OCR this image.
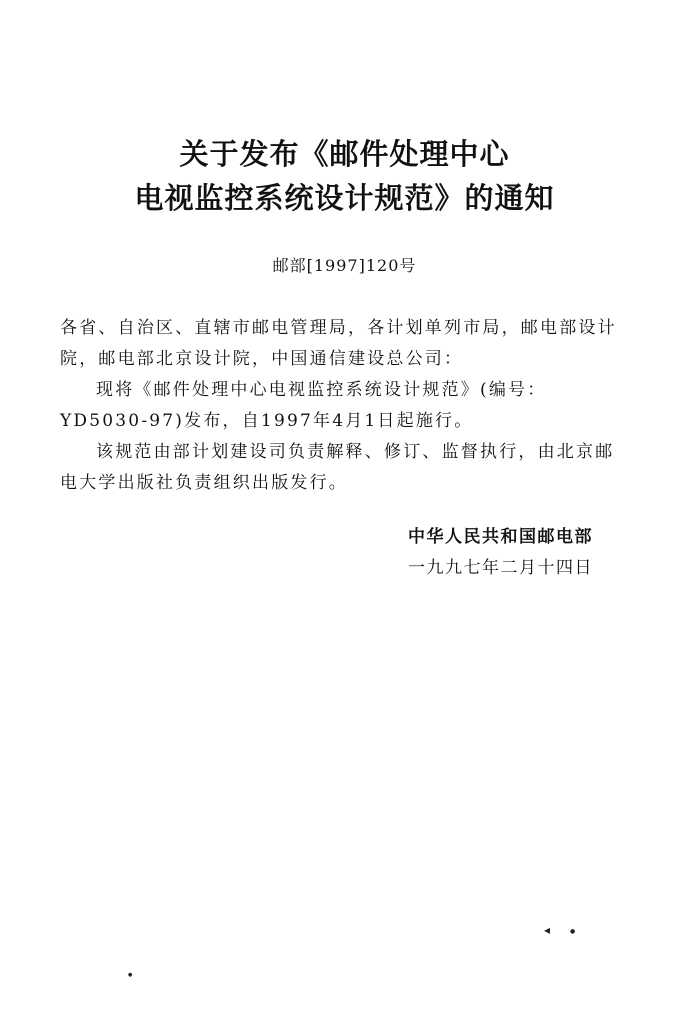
关于发布《邮件处理中心
电视监控系统设计规范》的通知
邮部[1997]120号

各省、自治区、直辖市邮电管理局，各计划单列市局，邮电部设计院，邮电部北京设计院，中国通信建设总公司：

现将《邮件处理中心电视监控系统设计规范》(编号：YD5030-97)发布，自1997年4月1日起施行。

该规范由部计划建设司负责解释、修订、监督执行，由北京邮电大学出版社负责组织出版发行。

中华人民共和国邮电部
一九九七年二月十四日
◂	●
●
